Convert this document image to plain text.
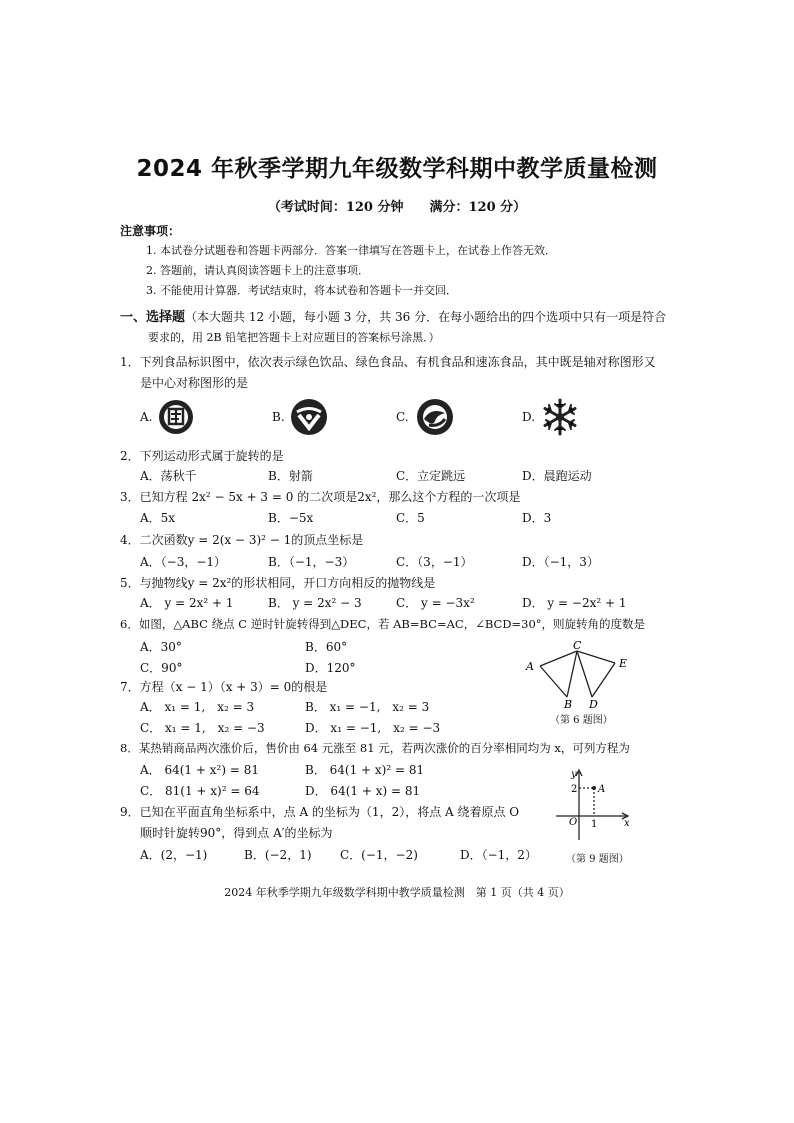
2024 年秋季学期九年级数学科期中教学质量检测
（考试时间：120 分钟　　满分：120 分）
注意事项：
1. 本试卷分试题卷和答题卡两部分．答案一律填写在答题卡上，在试卷上作答无效．
2. 答题前，请认真阅读答题卡上的注意事项．
3. 不能使用计算器．考试结束时，将本试卷和答题卡一并交回．
一、选择题（本大题共 12 小题，每小题 3 分，共 36 分．在每小题给出的四个选项中只有一项是符合
要求的，用 2B 铅笔把答题卡上对应题目的答案标号涂黑．）
1．下列食品标识图中，依次表示绿色饮品、绿色食品、有机食品和速冻食品，其中既是轴对称图形又
是中心对称图形的是
A.	B.	C.	D.
2．下列运动形式属于旋转的是
A．荡秋千	B．射箭	C．立定跳远	D．晨跑运动
3．已知方程 2x² − 5x + 3 = 0 的二次项是2x²，那么这个方程的一次项是
A．5x	B．−5x	C．5	D．3
4．二次函数y = 2(x − 3)² − 1的顶点坐标是
A．（−3，−1）	B．（−1，−3）	C．（3，−1）	D．（−1，3）
5．与抛物线y = 2x²的形状相同，开口方向相反的抛物线是
A． y = 2x² + 1	B． y = 2x² − 3	C． y = −3x²	D． y = −2x² + 1
6．如图，△ABC 绕点 C 逆时针旋转得到△DEC，若 AB=BC=AC，∠BCD=30°，则旋转角的度数是
A．30°	B．60°
C．90°	D．120°	A
B
C
D
E
（第 6 题图）
7．方程（x − 1）（x + 3）= 0的根是
A． x₁ = 1,　x₂ = 3	B． x₁ = −1,　x₂ = 3
C． x₁ = 1,　x₂ = −3	D． x₁ = −1,　x₂ = −3
8．某热销商品两次涨价后，售价由 64 元涨至 81 元，若两次涨价的百分率相同均为 x，可列方程为
A． 64(1 + x²) = 81	B． 64(1 + x)² = 81
C． 81(1 + x)² = 64	D． 64(1 + x) = 81
9．已知在平面直角坐标系中，点 A 的坐标为（1，2），将点 A 绕着原点 O
顺时针旋转90°，得到点 A′的坐标为
A．(2，−1)	B．(−2，1) C．(−1，−2)	D．（−1，2）
y
x
O
A
2
1
（第 9 题图）
2024 年秋季学期九年级数学科期中教学质量检测　第 1 页（共 4 页）
